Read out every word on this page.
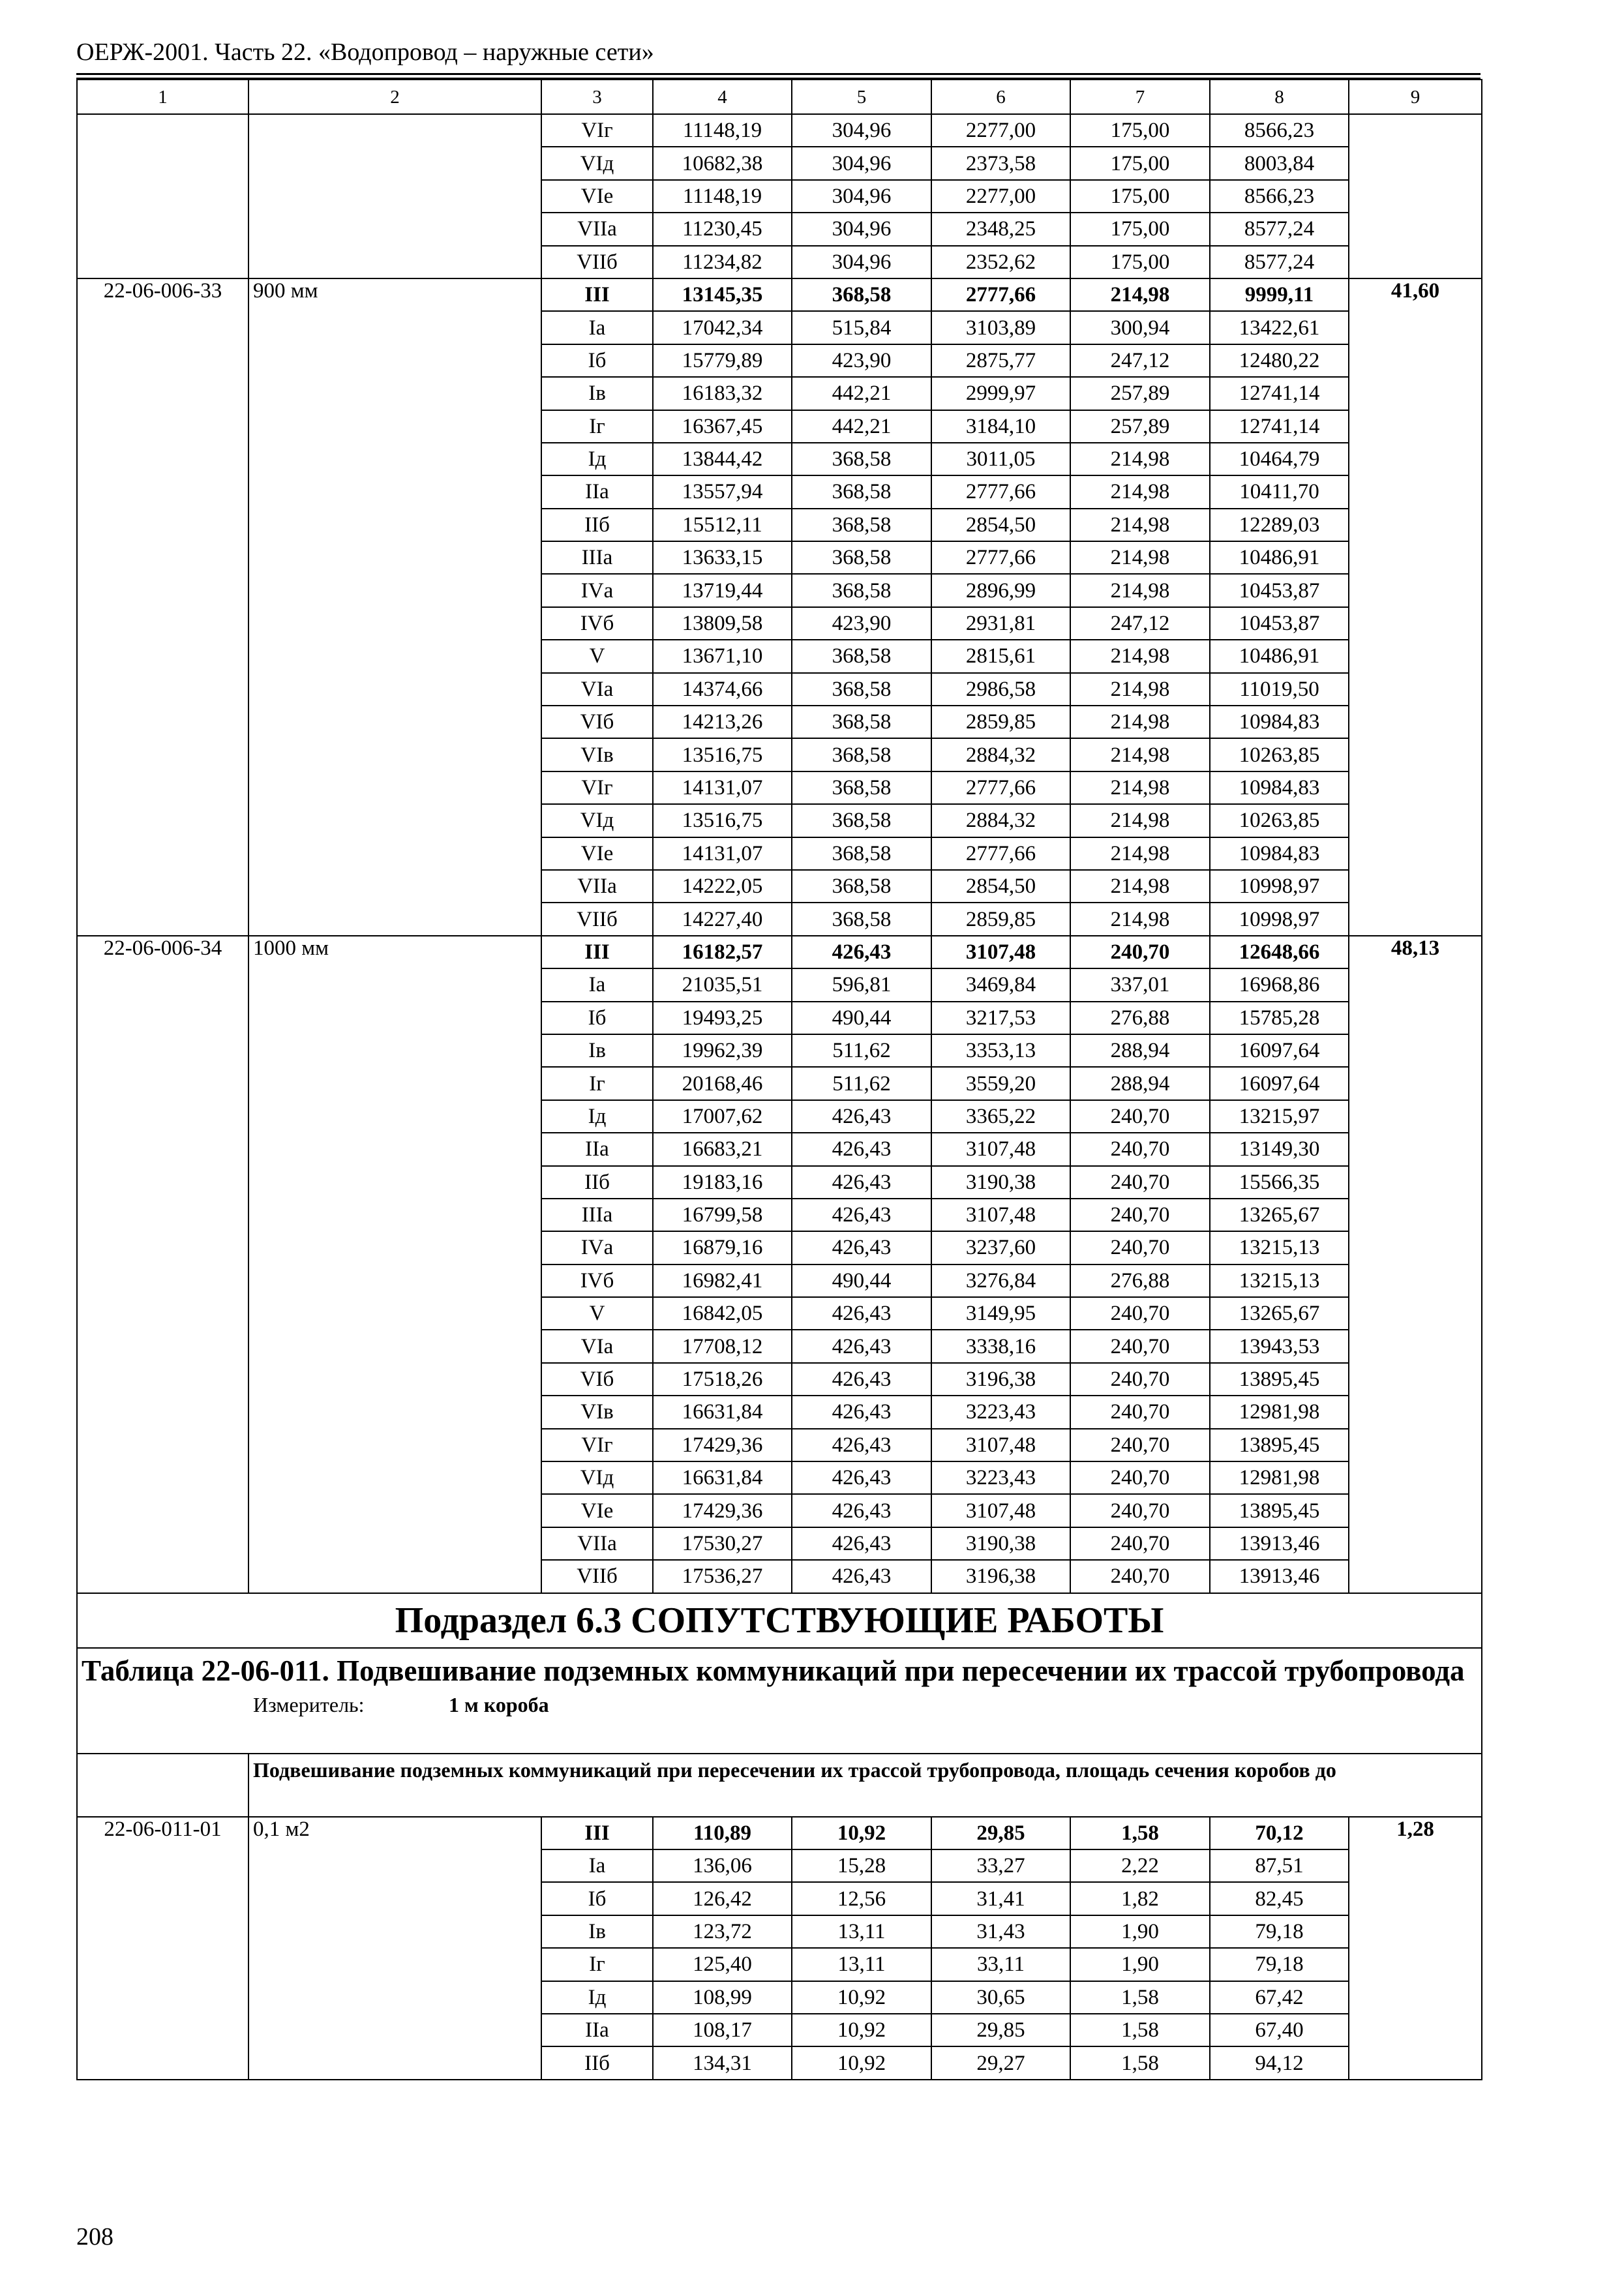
ОЕРЖ-2001. Часть 22. «Водопровод – наружные сети»
1	2	3	4	5	6	7	8	9
		VIг	11148,19	304,96	2277,00	175,00	8566,23	
		VIд	10682,38	304,96	2373,58	175,00	8003,84	
		VIе	11148,19	304,96	2277,00	175,00	8566,23	
		VIIа	11230,45	304,96	2348,25	175,00	8577,24	
		VIIб	11234,82	304,96	2352,62	175,00	8577,24	
22-06-006-33	900 мм	III	13145,35	368,58	2777,66	214,98	9999,11	41,60
		Iа	17042,34	515,84	3103,89	300,94	13422,61	
		Iб	15779,89	423,90	2875,77	247,12	12480,22	
		Iв	16183,32	442,21	2999,97	257,89	12741,14	
		Iг	16367,45	442,21	3184,10	257,89	12741,14	
		Iд	13844,42	368,58	3011,05	214,98	10464,79	
		IIа	13557,94	368,58	2777,66	214,98	10411,70	
		IIб	15512,11	368,58	2854,50	214,98	12289,03	
		IIIа	13633,15	368,58	2777,66	214,98	10486,91	
		IVа	13719,44	368,58	2896,99	214,98	10453,87	
		IVб	13809,58	423,90	2931,81	247,12	10453,87	
		V	13671,10	368,58	2815,61	214,98	10486,91	
		VIа	14374,66	368,58	2986,58	214,98	11019,50	
		VIб	14213,26	368,58	2859,85	214,98	10984,83	
		VIв	13516,75	368,58	2884,32	214,98	10263,85	
		VIг	14131,07	368,58	2777,66	214,98	10984,83	
		VIд	13516,75	368,58	2884,32	214,98	10263,85	
		VIе	14131,07	368,58	2777,66	214,98	10984,83	
		VIIа	14222,05	368,58	2854,50	214,98	10998,97	
		VIIб	14227,40	368,58	2859,85	214,98	10998,97	
22-06-006-34	1000 мм	III	16182,57	426,43	3107,48	240,70	12648,66	48,13
		Iа	21035,51	596,81	3469,84	337,01	16968,86	
		Iб	19493,25	490,44	3217,53	276,88	15785,28	
		Iв	19962,39	511,62	3353,13	288,94	16097,64	
		Iг	20168,46	511,62	3559,20	288,94	16097,64	
		Iд	17007,62	426,43	3365,22	240,70	13215,97	
		IIа	16683,21	426,43	3107,48	240,70	13149,30	
		IIб	19183,16	426,43	3190,38	240,70	15566,35	
		IIIа	16799,58	426,43	3107,48	240,70	13265,67	
		IVа	16879,16	426,43	3237,60	240,70	13215,13	
		IVб	16982,41	490,44	3276,84	276,88	13215,13	
		V	16842,05	426,43	3149,95	240,70	13265,67	
		VIа	17708,12	426,43	3338,16	240,70	13943,53	
		VIб	17518,26	426,43	3196,38	240,70	13895,45	
		VIв	16631,84	426,43	3223,43	240,70	12981,98	
		VIг	17429,36	426,43	3107,48	240,70	13895,45	
		VIд	16631,84	426,43	3223,43	240,70	12981,98	
		VIе	17429,36	426,43	3107,48	240,70	13895,45	
		VIIа	17530,27	426,43	3190,38	240,70	13913,46	
		VIIб	17536,27	426,43	3196,38	240,70	13913,46	
Подраздел 6.3 СОПУТСТВУЮЩИЕ РАБОТЫ								

Таблица 22-06-011. Подвешивание подземных коммуникаций при пересечении их трассой трубопровода
Измеритель: 1 м короба								

	Подвешивание подземных коммуникаций при пересечении их трассой трубопровода, площадь сечения коробов до							
22-06-011-01	0,1 м2	III	110,89	10,92	29,85	1,58	70,12	1,28
		Iа	136,06	15,28	33,27	2,22	87,51	
		Iб	126,42	12,56	31,41	1,82	82,45	
		Iв	123,72	13,11	31,43	1,90	79,18	
		Iг	125,40	13,11	33,11	1,90	79,18	
		Iд	108,99	10,92	30,65	1,58	67,42	
		IIа	108,17	10,92	29,85	1,58	67,40	
		IIб	134,31	10,92	29,27	1,58	94,12	
208
